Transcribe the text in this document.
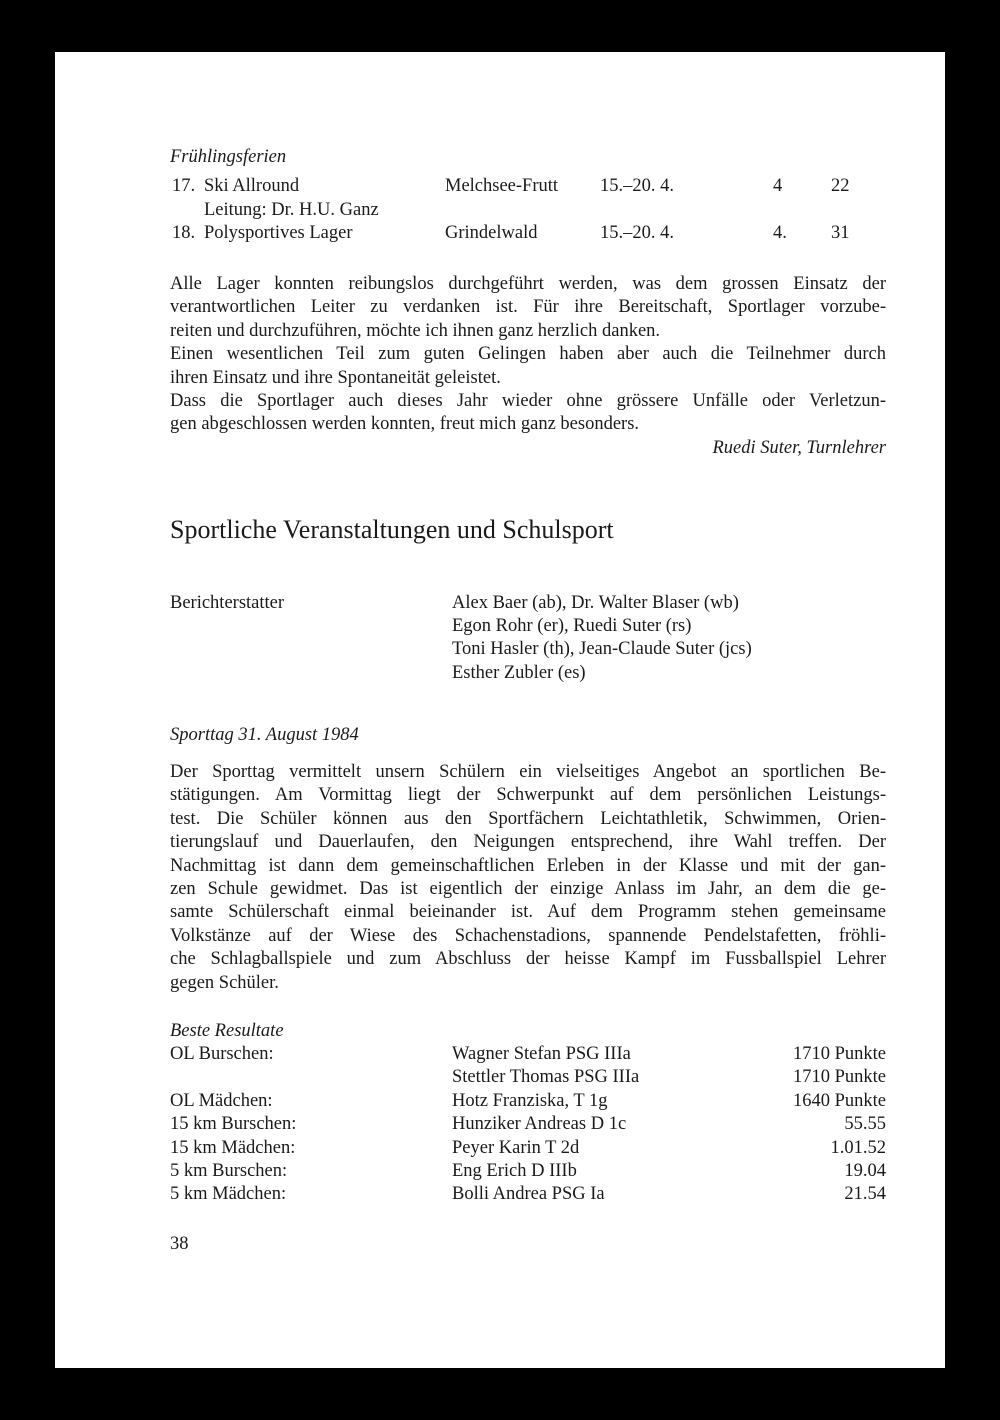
Frühlingsferien
17. Ski Allround	Melchsee-Frutt 15.–20. 4.	4	22
18. Polysportives Lager	Grindelwald	15.–20. 4.	4. 31
Leitung: Dr. H.U. Ganz
Alle Lager konnten reibungslos durchgeführt werden, was dem grossen Einsatz der
verantwortlichen Leiter zu verdanken ist. Für ihre Bereitschaft, Sportlager vorzube-
reiten und durchzuführen, möchte ich ihnen ganz herzlich danken.
Einen wesentlichen Teil zum guten Gelingen haben aber auch die Teilnehmer durch
ihren Einsatz und ihre Spontaneität geleistet.
Dass die Sportlager auch dieses Jahr wieder ohne grössere Unfälle oder Verletzun-
gen abgeschlossen werden konnten, freut mich ganz besonders.
Ruedi Suter, Turnlehrer
Sportliche Veranstaltungen und Schulsport
Berichterstatter	Alex Baer (ab), Dr. Walter Blaser (wb)
Egon Rohr (er), Ruedi Suter (rs)
Toni Hasler (th), Jean-Claude Suter (jcs)
Esther Zubler (es)
Sporttag 31. August 1984
Der Sporttag vermittelt unsern Schülern ein vielseitiges Angebot an sportlichen Be-
stätigungen. Am Vormittag liegt der Schwerpunkt auf dem persönlichen Leistungs-
test. Die Schüler können aus den Sportfächern Leichtathletik, Schwimmen, Orien-
tierungslauf und Dauerlaufen, den Neigungen entsprechend, ihre Wahl treffen. Der
Nachmittag ist dann dem gemeinschaftlichen Erleben in der Klasse und mit der gan-
zen Schule gewidmet. Das ist eigentlich der einzige Anlass im Jahr, an dem die ge-
samte Schülerschaft einmal beieinander ist. Auf dem Programm stehen gemeinsame
Volkstänze auf der Wiese des Schachenstadions, spannende Pendelstafetten, fröhli-
che Schlagballspiele und zum Abschluss der heisse Kampf im Fussballspiel Lehrer
gegen Schüler.
Beste Resultate
OL Burschen:	Wagner Stefan PSG IIIa	1710 Punkte
Stettler Thomas PSG IIIa	1710 Punkte
OL Mädchen:	Hotz Franziska, T 1g	1640 Punkte
15 km Burschen:	Hunziker Andreas D 1c	55.55
15 km Mädchen:	Peyer Karin T 2d	1.01.52
5 km Burschen:	Eng Erich D IIIb	19.04
5 km Mädchen:	Bolli Andrea PSG Ia	21.54
38
